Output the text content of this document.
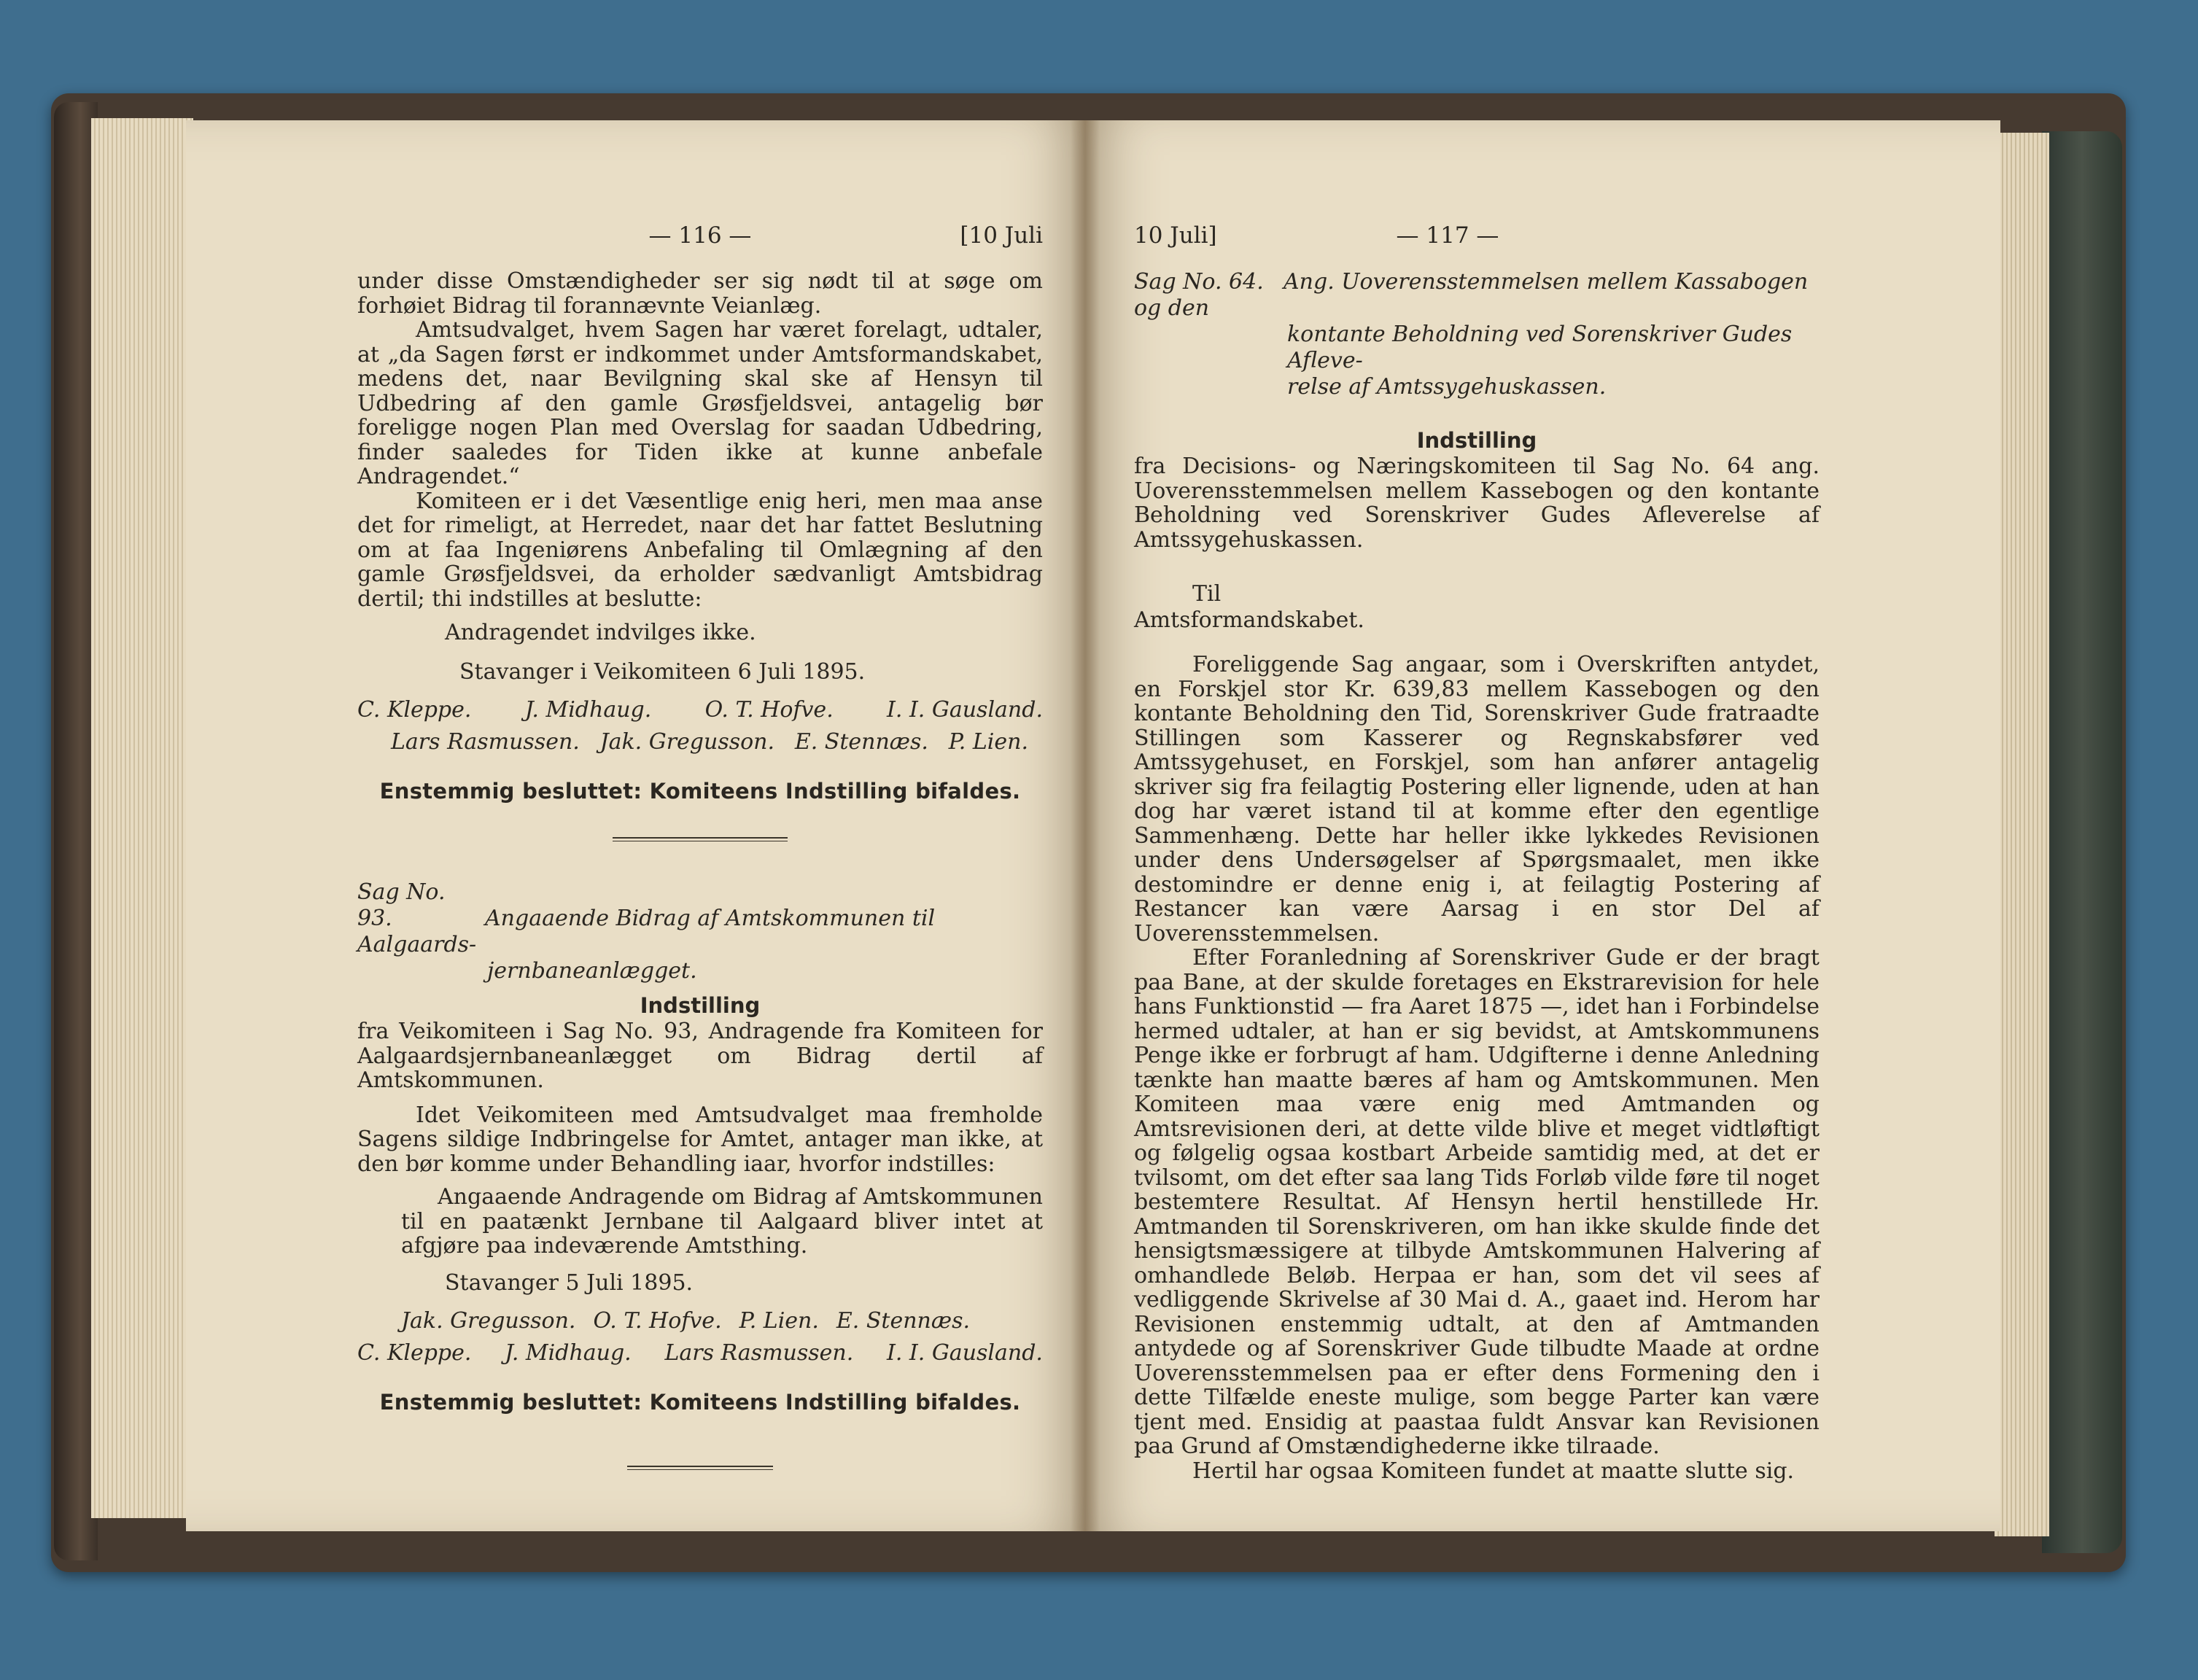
— 116 —	[10 Juli

under disse Omstændigheder ser sig nødt til at søge om forhøiet Bidrag til forannævnte Veianlæg.

Amtsudvalget, hvem Sagen har været forelagt, udtaler, at „da Sagen først er indkommet under Amtsformandskabet, medens det, naar Bevilgning skal ske af Hensyn til Udbedring af den gamle Grøsfjeldsvei, antagelig bør foreligge nogen Plan med Overslag for saadan Udbedring, finder saaledes for Tiden ikke at kunne anbefale Andragendet.“

Komiteen er i det Væsentlige enig heri, men maa anse det for rimeligt, at Herredet, naar det har fattet Beslutning om at faa Ingeniørens Anbefaling til Omlægning af den gamle Grøsfjeldsvei, da erholder sædvanligt Amtsbidrag dertil; thi indstilles at beslutte:

Andragendet indvilges ikke.
Stavanger i Veikomiteen 6 Juli 1895.
C. Kleppe. J. Midhaug. O. T. Hofve. I. I. Gausland.
Lars Rasmussen. Jak. Gregusson. E. Stennæs. P. Lien.
Enstemmig besluttet: Komiteens Indstilling bifaldes.
Sag No. 93.	Angaaende Bidrag af Amtskommunen til Aalgaards-
jernbaneanlægget.
Indstilling

fra Veikomiteen i Sag No. 93, Andragende fra Komiteen for Aalgaardsjernbaneanlægget om Bidrag dertil af Amtskommunen.

Idet Veikomiteen med Amtsudvalget maa fremholde Sagens sildige Indbringelse for Amtet, antager man ikke, at den bør komme under Behandling iaar, hvorfor indstilles:

Angaaende Andragende om Bidrag af Amtskommunen til en paatænkt Jernbane til Aalgaard bliver intet at afgjøre paa indeværende Amtsthing.

Stavanger 5 Juli 1895.
Jak. Gregusson. O. T. Hofve. P. Lien. E. Stennæs.
C. Kleppe. J. Midhaug. Lars Rasmussen. I. I. Gausland.
Enstemmig besluttet: Komiteens Indstilling bifaldes.
10 Juli]	— 117 —
Sag No. 64. Ang. Uoverensstemmelsen mellem Kassabogen og den
kontante Beholdning ved Sorenskriver Gudes Afleve-
relse af Amtssygehuskassen.
Indstilling

fra Decisions- og Næringskomiteen til Sag No. 64 ang. Uoverensstemmelsen mellem Kassebogen og den kontante Beholdning ved Sorenskriver Gudes Afleverelse af Amtssygehuskassen.

Til
Amtsformandskabet.

Foreliggende Sag angaar, som i Overskriften antydet, en Forskjel stor Kr. 639,83 mellem Kassebogen og den kontante Beholdning den Tid, Sorenskriver Gude fratraadte Stillingen som Kasserer og Regnskabsfører ved Amtssygehuset, en Forskjel, som han anfører antagelig skriver sig fra feilagtig Postering eller lignende, uden at han dog har været istand til at komme efter den egentlige Sammenhæng. Dette har heller ikke lykkedes Revisionen under dens Undersøgelser af Spørgsmaalet, men ikke destomindre er denne enig i, at feilagtig Postering af Restancer kan være Aarsag i en stor Del af Uoverensstemmelsen.

Efter Foranledning af Sorenskriver Gude er der bragt paa Bane, at der skulde foretages en Ekstrarevision for hele hans Funktionstid — fra Aaret 1875 —, idet han i Forbindelse hermed udtaler, at han er sig bevidst, at Amtskommunens Penge ikke er forbrugt af ham. Udgifterne i denne Anledning tænkte han maatte bæres af ham og Amtskommunen. Men Komiteen maa være enig med Amtmanden og Amtsrevisionen deri, at dette vilde blive et meget vidtløftigt og følgelig ogsaa kostbart Arbeide samtidig med, at det er tvilsomt, om det efter saa lang Tids Forløb vilde føre til noget bestemtere Resultat. Af Hensyn hertil henstillede Hr. Amtmanden til Sorenskriveren, om han ikke skulde finde det hensigtsmæssigere at tilbyde Amtskommunen Halvering af omhandlede Beløb. Herpaa er han, som det vil sees af vedliggende Skrivelse af 30 Mai d. A., gaaet ind. Herom har Revisionen enstemmig udtalt, at den af Amtmanden antydede og af Sorenskriver Gude tilbudte Maade at ordne Uoverensstemmelsen paa er efter dens Formening den i dette Tilfælde eneste mulige, som begge Parter kan være tjent med. Ensidig at paastaa fuldt Ansvar kan Revisionen paa Grund af Omstændighederne ikke tilraade.

Hertil har ogsaa Komiteen fundet at maatte slutte sig.
